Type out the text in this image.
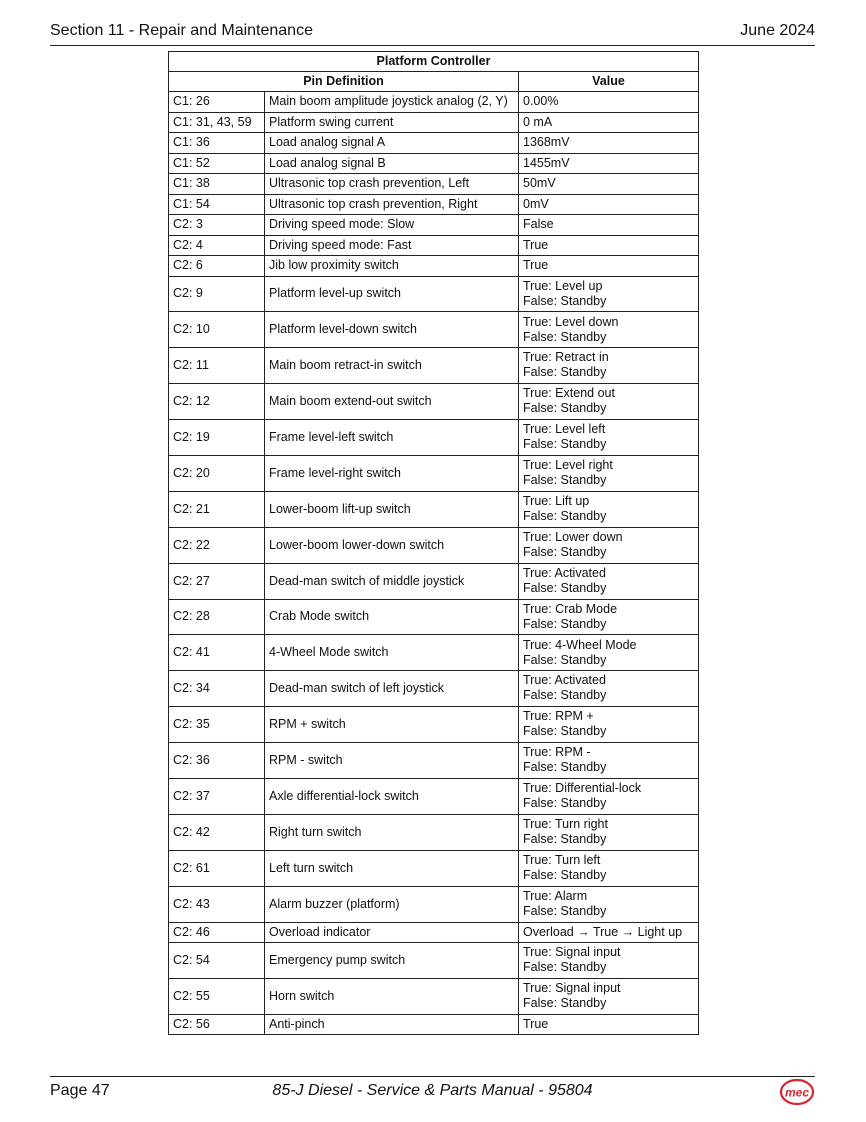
Section 11 - Repair and Maintenance	June 2024
Platform Controller		
Pin Definition		Value
C1: 26	Main boom amplitude joystick analog (2, Y)	0.00%

C1: 31, 43, 59	Platform swing current	0 mA

C1: 36	Load analog signal A	1368mV

C1: 52	Load analog signal B	1455mV

C1: 38	Ultrasonic top crash prevention, Left	50mV

C1: 54	Ultrasonic top crash prevention, Right	0mV

C2: 3	Driving speed mode: Slow	False

C2: 4	Driving speed mode: Fast	True

C2: 6	Jib low proximity switch	True

C2: 9	Platform level-up switch	True: Level up
False: Standby

C2: 10	Platform level-down switch	True: Level down
False: Standby

C2: 11	Main boom retract-in switch	True: Retract in
False: Standby

C2: 12	Main boom extend-out switch	True: Extend out
False: Standby

C2: 19	Frame level-left switch	True: Level left
False: Standby

C2: 20	Frame level-right switch	True: Level right
False: Standby

C2: 21	Lower-boom lift-up switch	True: Lift up
False: Standby

C2: 22	Lower-boom lower-down switch	True: Lower down
False: Standby

C2: 27	Dead-man switch of middle joystick	True: Activated
False: Standby

C2: 28	Crab Mode switch	True: Crab Mode
False: Standby

C2: 41	4-Wheel Mode switch	True: 4-Wheel Mode
False: Standby

C2: 34	Dead-man switch of left joystick	True: Activated
False: Standby

C2: 35	RPM + switch	True: RPM +
False: Standby

C2: 36	RPM - switch	True: RPM -
False: Standby

C2: 37	Axle differential-lock switch	True: Differential-lock
False: Standby

C2: 42	Right turn switch	True: Turn right
False: Standby

C2: 61	Left turn switch	True: Turn left
False: Standby

C2: 43	Alarm buzzer (platform)	True: Alarm
False: Standby

C2: 46	Overload indicator	Overload → True → Light up

C2: 54	Emergency pump switch	True: Signal input
False: Standby

C2: 55	Horn switch	True: Signal input
False: Standby

C2: 56	Anti-pinch	True
Page 47	85-J Diesel - Service & Parts Manual - 95804	mec
